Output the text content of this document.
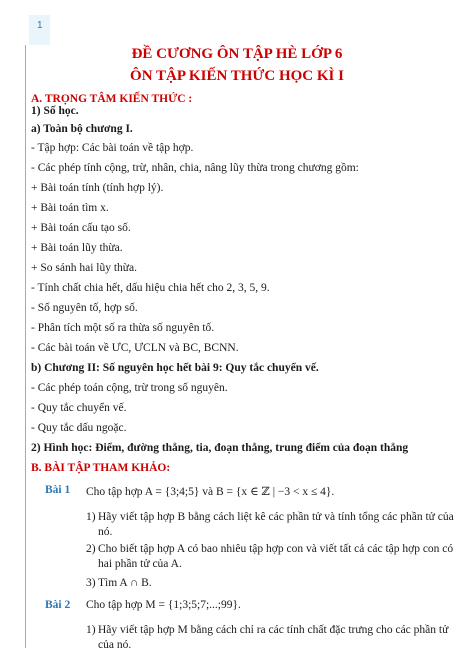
1
ĐỀ CƯƠNG ÔN TẬP HÈ LỚP 6
ÔN TẬP KIẾN THỨC HỌC KÌ I
A. TRỌNG TÂM KIẾN THỨC :
1) Số học.
a) Toàn bộ chương I.
- Tập hợp: Các bài toán về tập hợp.
- Các phép tính cộng, trừ, nhân, chia, nâng lũy thừa trong chương gồm:
+ Bài toán tính (tính hợp lý).
+ Bài toán tìm x.
+ Bài toán cấu tạo số.
+ Bài toán lũy thừa.
+ So sánh hai lũy thừa.
- Tính chất chia hết, dấu hiệu chia hết cho 2, 3, 5, 9.
- Số nguyên tố, hợp số.
- Phân tích một số ra thừa số nguyên tố.
- Các bài toán về ƯC, ƯCLN và BC, BCNN.
b) Chương II: Số nguyên học hết bài 9: Quy tắc chuyển vế.
- Các phép toán cộng, trừ trong số nguyên.
- Quy tắc chuyển vế.
- Quy tắc dấu ngoặc.
2) Hình học: Điểm, đường thẳng, tia, đoạn thẳng, trung điểm của đoạn thẳng
B. BÀI TẬP THAM KHẢO:
Bài 1 Cho tập hợp A = {3;4;5} và B = {x ∈ ℤ | −3 < x ≤ 4}.
1) Hãy viết tập hợp B bằng cách liệt kê các phần tử và tính tổng các phần tử của
nó.
2) Cho biết tập hợp A có bao nhiêu tập hợp con và viết tất cả các tập hợp con có
hai phần tử của A.
3) Tìm A ∩ B.
Bài 2 Cho tập hợp M = {1;3;5;7;...;99}.
1) Hãy viết tập hợp M bằng cách chỉ ra các tính chất đặc trưng cho các phần tử
của nó.
